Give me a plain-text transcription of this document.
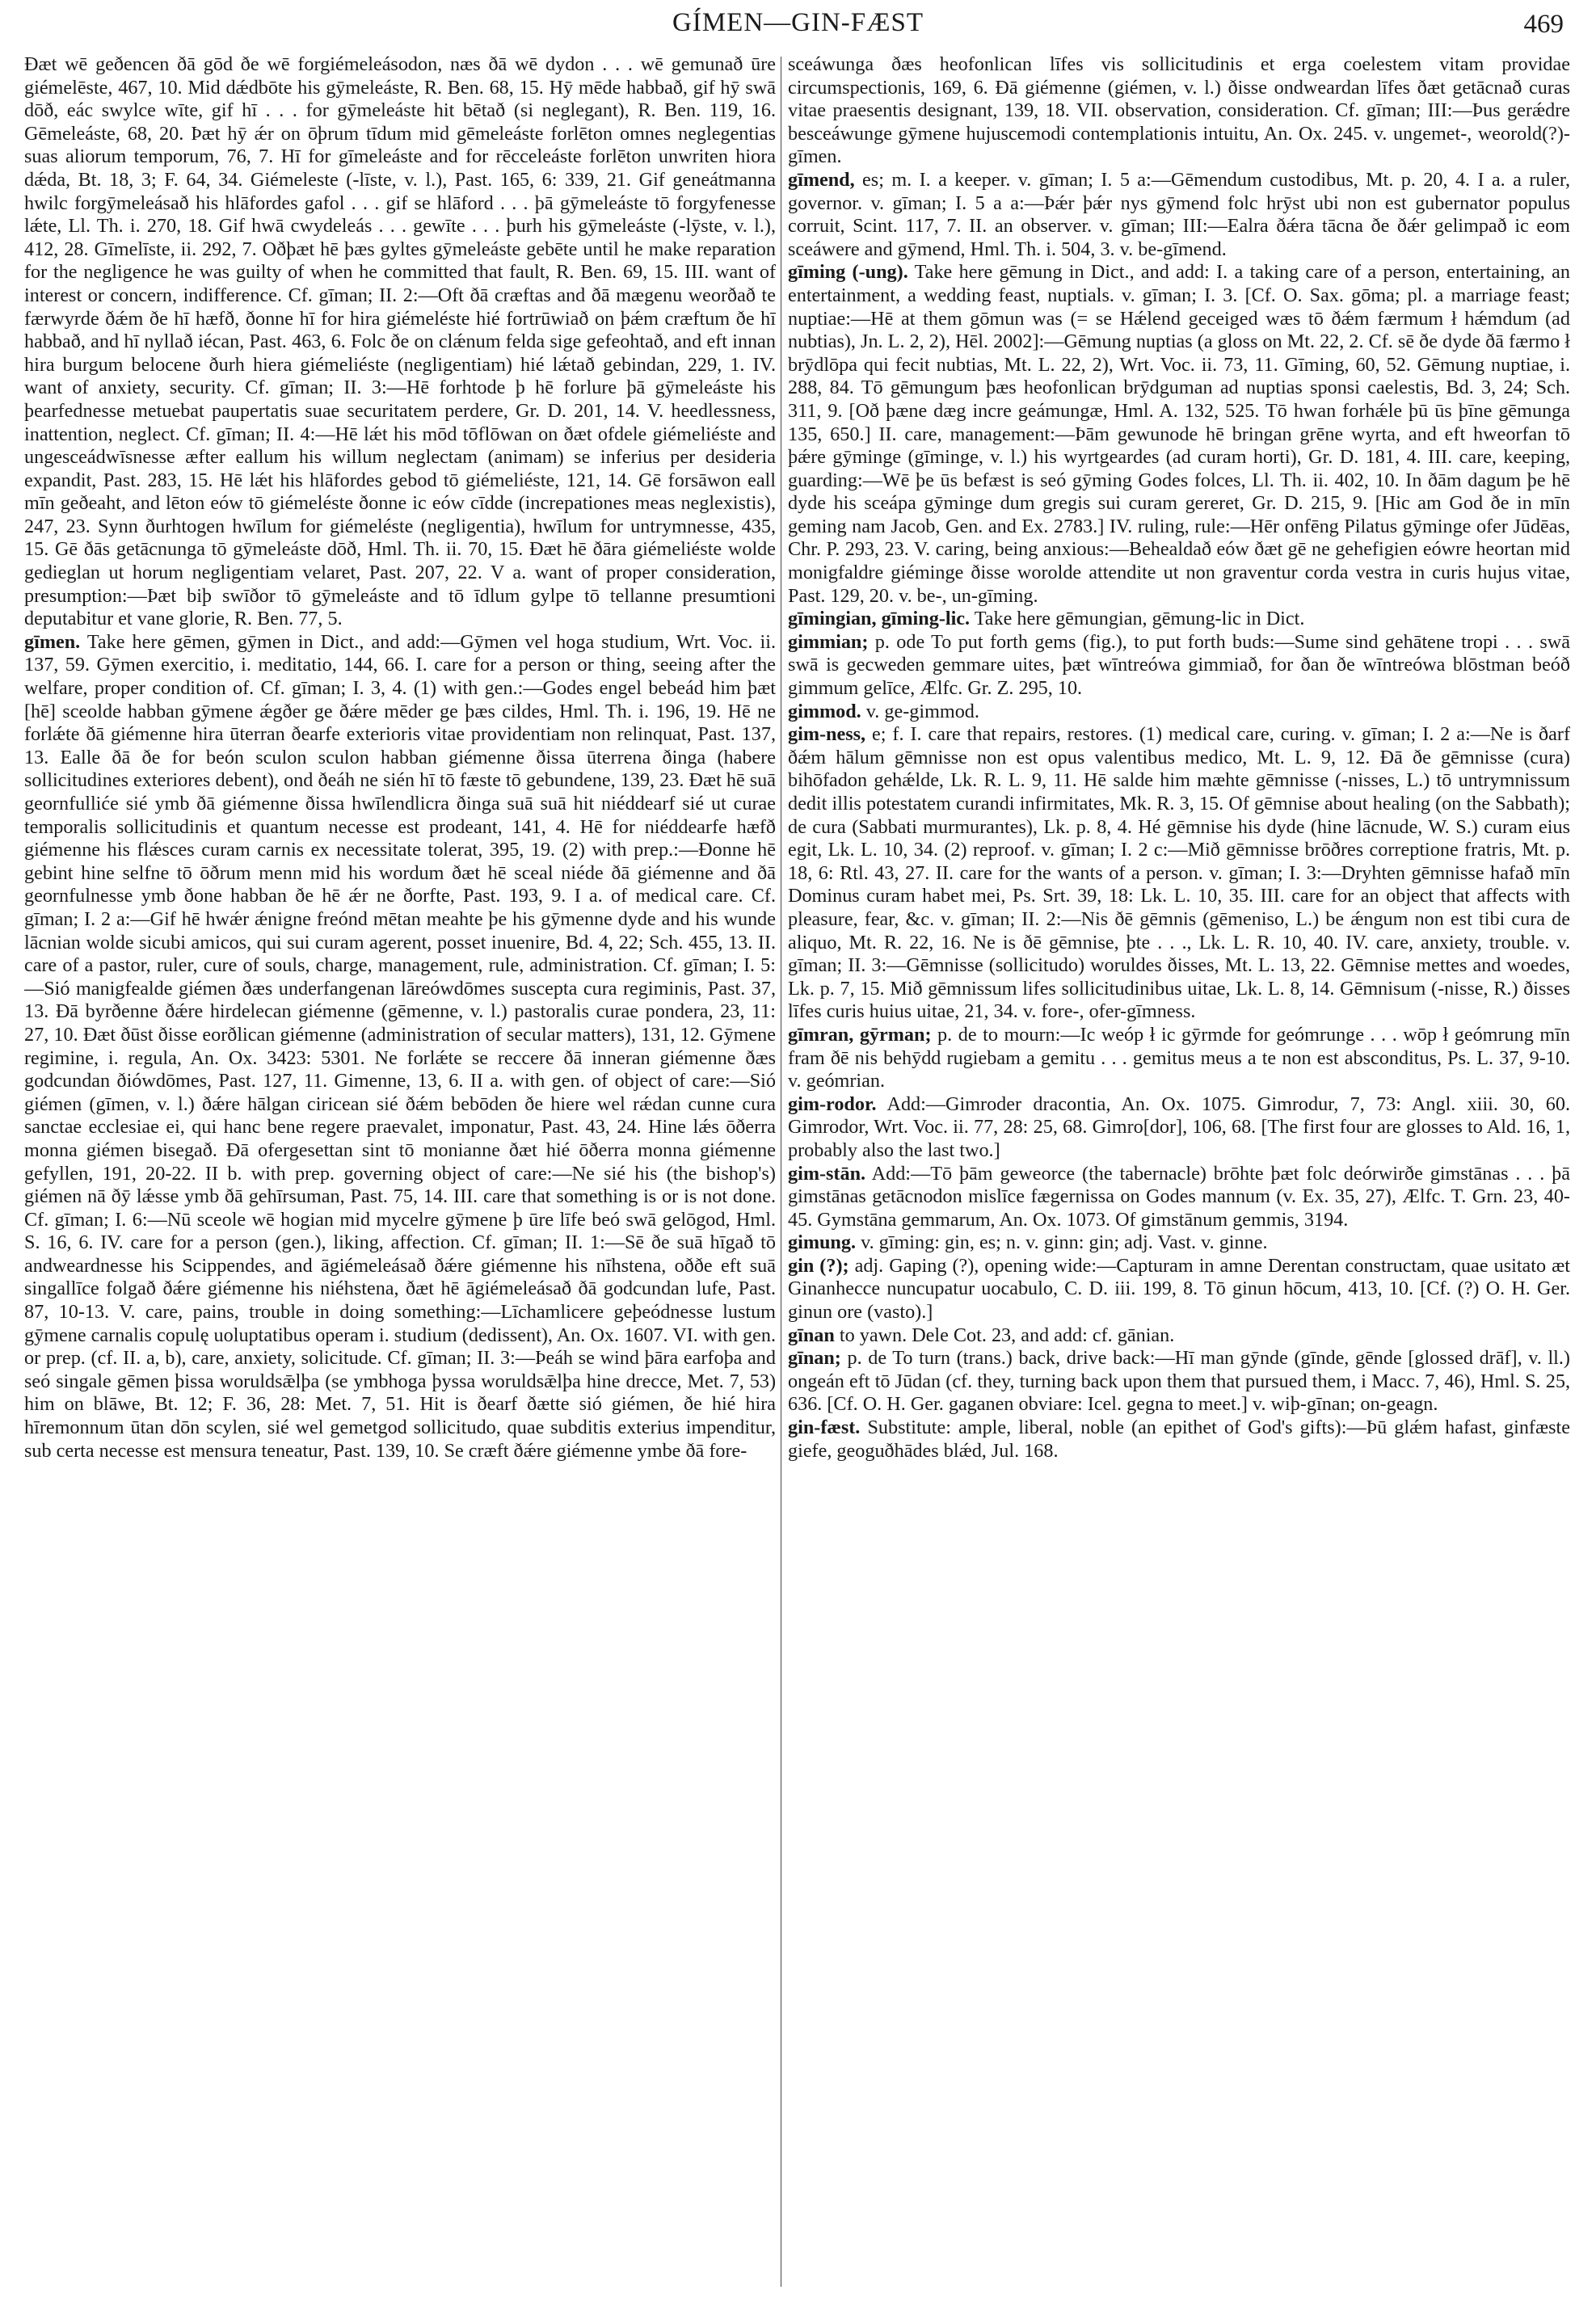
GÍMEN—GIN-FÆST	469

Ðæt wē geðencen ðā gōd ðe wē forgiémeleásodon, næs ðā wē dydon . . . wē gemunað ūre giémelēste, 467, 10. Mid dǽdbōte his gȳmeleáste, R. Ben. 68, 15. Hȳ mēde habbað, gif hȳ swā dōð, eác swylce wīte, gif hī . . . for gȳmeleáste hit bētað (si neglegant), R. Ben. 119, 16. Gēmeleáste, 68, 20. Þæt hȳ ǽr on ōþrum tīdum mid gēmeleáste forlēton omnes neglegentias suas aliorum temporum, 76, 7. Hī for gīmeleáste and for rēcceleáste forlēton unwriten hiora dǽda, Bt. 18, 3; F. 64, 34. Giémeleste (-līste, v. l.), Past. 165, 6: 339, 21. Gif geneátmanna hwilc forgȳmeleásað his hlāfordes gafol . . . gif se hlāford . . . þā gȳmeleáste tō forgyfenesse lǽte, Ll. Th. i. 270, 18. Gif hwā cwydeleás . . . gewīte . . . þurh his gȳmeleáste (-lȳste, v. l.), 412, 28. Gīmelīste, ii. 292, 7. Oðþæt hē þæs gyltes gȳmeleáste gebēte until he make reparation for the negligence he was guilty of when he committed that fault, R. Ben. 69, 15. III. want of interest or concern, indifference. Cf. gīman; II. 2:—Oft ðā cræftas and ðā mægenu weorðað te færwyrde ðǽm ðe hī hæfð, ðonne hī for hira giémeléste hié fortrūwiað on þǽm cræftum ðe hī habbað, and hī nyllað iécan, Past. 463, 6. Folc ðe on clǽnum felda sige gefeohtað, and eft innan hira burgum belocene ðurh hiera giémeliéste (negligentiam) hié lǽtað gebindan, 229, 1. IV. want of anxiety, security. Cf. gīman; II. 3:—Hē forhtode þ hē forlure þā gȳmeleáste his þearfednesse metuebat paupertatis suae securitatem perdere, Gr. D. 201, 14. V. heedlessness, inattention, neglect. Cf. gīman; II. 4:—Hē lǽt his mōd tōflōwan on ðæt ofdele giémeliéste and ungesceádwīsnesse æfter eallum his willum neglectam (animam) se inferius per desideria expandit, Past. 283, 15. Hē lǽt his hlāfordes gebod tō giémeliéste, 121, 14. Gē forsāwon eall mīn geðeaht, and lēton eów tō giémeléste ðonne ic eów cīdde (increpationes meas neglexistis), 247, 23. Synn ðurhtogen hwīlum for giémeléste (negligentia), hwīlum for untrymnesse, 435, 15. Gē ðās getācnunga tō gȳmeleáste dōð, Hml. Th. ii. 70, 15. Ðæt hē ðāra giémeliéste wolde gedieglan ut horum negligentiam velaret, Past. 207, 22. V a. want of proper consideration, presumption:—Þæt biþ swīðor tō gȳmeleáste and tō īdlum gylpe tō tellanne presumtioni deputabitur et vane glorie, R. Ben. 77, 5.

gīmen. Take here gēmen, gȳmen in Dict., and add:—Gȳmen vel hoga studium, Wrt. Voc. ii. 137, 59. Gȳmen exercitio, i. meditatio, 144, 66. I. care for a person or thing, seeing after the welfare, proper condition of. Cf. gīman; I. 3, 4. (1) with gen.:—Godes engel bebeád him þæt [hē] sceolde habban gȳmene ǽgðer ge ðǽre mēder ge þæs cildes, Hml. Th. i. 196, 19. Hē ne forlǽte ðā giémenne hira ūterran ðearfe exterioris vitae providentiam non relinquat, Past. 137, 13. Ealle ðā ðe for beón sculon sculon habban giémenne ðissa ūterrena ðinga (habere sollicitudines exteriores debent), ond ðeáh ne sién hī tō fæste tō gebundene, 139, 23. Ðæt hē suā geornfulliće sié ymb ðā giémenne ðissa hwīlendlicra ðinga suā suā hit niéddearf sié ut curae temporalis sollicitudinis et quantum necesse est prodeant, 141, 4. Hē for niéddearfe hæfð giémenne his flǽsces curam carnis ex necessitate tolerat, 395, 19. (2) with prep.:—Ðonne hē gebint hine selfne tō ōðrum menn mid his wordum ðæt hē sceal niéde ðā giémenne and ðā geornfulnesse ymb ðone habban ðe hē ǽr ne ðorfte, Past. 193, 9. I a. of medical care. Cf. gīman; I. 2 a:—Gif hē hwǽr ǽnigne freónd mētan meahte þe his gȳmenne dyde and his wunde lācnian wolde sicubi amicos, qui sui curam agerent, posset inuenire, Bd. 4, 22; Sch. 455, 13. II. care of a pastor, ruler, cure of souls, charge, management, rule, administration. Cf. gīman; I. 5:—Sió manigfealde giémen ðæs underfangenan lāreówdōmes suscepta cura regiminis, Past. 37, 13. Ðā byrðenne ðǽre hirdelecan giémenne (gēmenne, v. l.) pastoralis curae pondera, 23, 11: 27, 10. Ðæt ðūst ðisse eorðlican giémenne (administration of secular matters), 131, 12. Gȳmene regimine, i. regula, An. Ox. 3423: 5301. Ne forlǽte se reccere ðā inneran giémenne ðæs godcundan ðiówdōmes, Past. 127, 11. Gimenne, 13, 6. II a. with gen. of object of care:—Sió giémen (gīmen, v. l.) ðǽre hālgan ciricean sié ðǽm bebōden ðe hiere wel rǽdan cunne cura sanctae ecclesiae ei, qui hanc bene regere praevalet, imponatur, Past. 43, 24. Hine lǽs ōðerra monna giémen bisegað. Ðā ofergesettan sint tō monianne ðæt hié ōðerra monna giémenne gefyllen, 191, 20-22. II b. with prep. governing object of care:—Ne sié his (the bishop's) giémen nā ðȳ lǽsse ymb ðā gehīrsuman, Past. 75, 14. III. care that something is or is not done. Cf. gīman; I. 6:—Nū sceole wē hogian mid mycelre gȳmene þ ūre līfe beó swā gelōgod, Hml. S. 16, 6. IV. care for a person (gen.), liking, affection. Cf. gīman; II. 1:—Sē ðe suā hīgað tō andweardnesse his Scippendes, and āgiémeleásað ðǽre giémenne his nīhstena, oððe eft suā singallīce folgað ðǽre giémenne his niéhstena, ðæt hē āgiémeleásað ðā godcundan lufe, Past. 87, 10-13. V. care, pains, trouble in doing something:—Līchamlicere geþeódnesse lustum gȳmene carnalis copulę uoluptatibus operam i. studium (dedissent), An. Ox. 1607. VI. with gen. or prep. (cf. II. a, b), care, anxiety, solicitude. Cf. gīman; II. 3:—Þeáh se wind þāra earfoþa and seó singale gēmen þissa woruldsǣlþa (se ymbhoga þyssa woruldsǣlþa hine drecce, Met. 7, 53) him on blāwe, Bt. 12; F. 36, 28: Met. 7, 51. Hit is ðearf ðætte sió giémen, ðe hié hira hīremonnum ūtan dōn scylen, sié wel gemetgod sollicitudo, quae subditis exterius impenditur, sub certa necesse est mensura teneatur, Past. 139, 10. Se cræft ðǽre giémenne ymbe ðā fore-

sceáwunga ðæs heofonlican līfes vis sollicitudinis et erga coelestem vitam providae circumspectionis, 169, 6. Ðā giémenne (giémen, v. l.) ðisse ondweardan līfes ðæt getācnað curas vitae praesentis designant, 139, 18. VII. observation, consideration. Cf. gīman; III:—Þus gerǽdre besceáwunge gȳmene hujuscemodi contemplationis intuitu, An. Ox. 245. v. ungemet-, weorold(?)-gīmen.

gīmend, es; m. I. a keeper. v. gīman; I. 5 a:—Gēmendum custodibus, Mt. p. 20, 4. I a. a ruler, governor. v. gīman; I. 5 a a:—Þǽr þǽr nys gȳmend folc hrȳst ubi non est gubernator populus corruit, Scint. 117, 7. II. an observer. v. gīman; III:—Ealra ðǽra tācna ðe ðǽr gelimpað ic eom sceáwere and gȳmend, Hml. Th. i. 504, 3. v. be-gīmend.

gīming (-ung). Take here gēmung in Dict., and add: I. a taking care of a person, entertaining, an entertainment, a wedding feast, nuptials. v. gīman; I. 3. [Cf. O. Sax. gōma; pl. a marriage feast; nuptiae:—Hē at them gōmun was (= se Hǽlend geceiged wæs tō ðǽm færmum ł hǽmdum (ad nubtias), Jn. L. 2, 2), Hēl. 2002]:—Gēmung nuptias (a gloss on Mt. 22, 2. Cf. sē ðe dyde ðā færmo ł brȳdlōpa qui fecit nubtias, Mt. L. 22, 2), Wrt. Voc. ii. 73, 11. Gīming, 60, 52. Gēmung nuptiae, i. 288, 84. Tō gēmungum þæs heofonlican brȳdguman ad nuptias sponsi caelestis, Bd. 3, 24; Sch. 311, 9. [Oð þæne dæg incre geámungæ, Hml. A. 132, 525. Tō hwan forhǽle þū ūs þīne gēmunga 135, 650.] II. care, management:—Þām gewunode hē bringan grēne wyrta, and eft hweorfan tō þǽre gȳminge (gīminge, v. l.) his wyrtgeardes (ad curam horti), Gr. D. 181, 4. III. care, keeping, guarding:—Wē þe ūs befæst is seó gȳming Godes folces, Ll. Th. ii. 402, 10. In ðām dagum þe hē dyde his sceápa gȳminge dum gregis sui curam gereret, Gr. D. 215, 9. [Hic am God ðe in mīn geming nam Jacob, Gen. and Ex. 2783.] IV. ruling, rule:—Hēr onfēng Pilatus gȳminge ofer Jūdēas, Chr. P. 293, 23. V. caring, being anxious:—Behealdað eów ðæt gē ne gehefigien eówre heortan mid monigfaldre giéminge ðisse worolde attendite ut non graventur corda vestra in curis hujus vitae, Past. 129, 20. v. be-, un-gīming.

gīmingian, gīming-lic. Take here gēmungian, gēmung-lic in Dict.

gimmian; p. ode To put forth gems (fig.), to put forth buds:—Sume sind gehātene tropi . . . swā swā is gecweden gemmare uites, þæt wīntreówa gimmiað, for ðan ðe wīntreówa blōstman beóð gimmum gelīce, Ælfc. Gr. Z. 295, 10.

gimmod. v. ge-gimmod.

gim-ness, e; f. I. care that repairs, restores. (1) medical care, curing. v. gīman; I. 2 a:—Ne is ðarf ðǽm hālum gēmnisse non est opus valentibus medico, Mt. L. 9, 12. Ðā ðe gēmnisse (cura) bihōfadon gehǽlde, Lk. R. L. 9, 11. Hē salde him mæhte gēmnisse (-nisses, L.) tō untrymnissum dedit illis potestatem curandi infirmitates, Mk. R. 3, 15. Of gēmnise about healing (on the Sabbath); de cura (Sabbati murmurantes), Lk. p. 8, 4. Hé gēmnise his dyde (hine lācnude, W. S.) curam eius egit, Lk. L. 10, 34. (2) reproof. v. gīman; I. 2 c:—Mið gēmnisse brōðres correptione fratris, Mt. p. 18, 6: Rtl. 43, 27. II. care for the wants of a person. v. gīman; I. 3:—Dryhten gēmnisse hafað mīn Dominus curam habet mei, Ps. Srt. 39, 18: Lk. L. 10, 35. III. care for an object that affects with pleasure, fear, &c. v. gīman; II. 2:—Nis ðē gēmnis (gēmeniso, L.) be ǽngum non est tibi cura de aliquo, Mt. R. 22, 16. Ne is ðē gēmnise, þte . . ., Lk. L. R. 10, 40. IV. care, anxiety, trouble. v. gīman; II. 3:—Gēmnisse (sollicitudo) woruldes ðisses, Mt. L. 13, 22. Gēmnise mettes and woedes, Lk. p. 7, 15. Mið gēmnissum lifes sollicitudinibus uitae, Lk. L. 8, 14. Gēmnisum (-nisse, R.) ðisses līfes curis huius uitae, 21, 34. v. fore-, ofer-gīmness.

gīmran, gȳrman; p. de to mourn:—Ic weóp ł ic gȳrmde for geómrunge . . . wōp ł geómrung mīn fram ðē nis behȳdd rugiebam a gemitu . . . gemitus meus a te non est absconditus, Ps. L. 37, 9-10. v. geómrian.

gim-rodor. Add:—Gimroder dracontia, An. Ox. 1075. Gimrodur, 7, 73: Angl. xiii. 30, 60. Gimrodor, Wrt. Voc. ii. 77, 28: 25, 68. Gimro[dor], 106, 68. [The first four are glosses to Ald. 16, 1, probably also the last two.]

gim-stān. Add:—Tō þām geweorce (the tabernacle) brōhte þæt folc deórwirðe gimstānas . . . þā gimstānas getācnodon mislīce fægernissa on Godes mannum (v. Ex. 35, 27), Ælfc. T. Grn. 23, 40-45. Gymstāna gemmarum, An. Ox. 1073. Of gimstānum gemmis, 3194.

gimung. v. gīming: gin, es; n. v. ginn: gin; adj. Vast. v. ginne.

gin (?); adj. Gaping (?), opening wide:—Capturam in amne Derentan constructam, quae usitato æt Ginanhecce nuncupatur uocabulo, C. D. iii. 199, 8. Tō ginun hōcum, 413, 10. [Cf. (?) O. H. Ger. ginun ore (vasto).]

gīnan to yawn. Dele Cot. 23, and add: cf. gānian.

gīnan; p. de To turn (trans.) back, drive back:—Hī man gȳnde (gīnde, gēnde [glossed drāf], v. ll.) ongeán eft tō Jūdan (cf. they, turning back upon them that pursued them, i Macc. 7, 46), Hml. S. 25, 636. [Cf. O. H. Ger. gaganen obviare: Icel. gegna to meet.] v. wiþ-gīnan; on-geagn.

gin-fæst. Substitute: ample, liberal, noble (an epithet of God's gifts):—Þū glǽm hafast, ginfæste giefe, geoguðhādes blǽd, Jul. 168.
